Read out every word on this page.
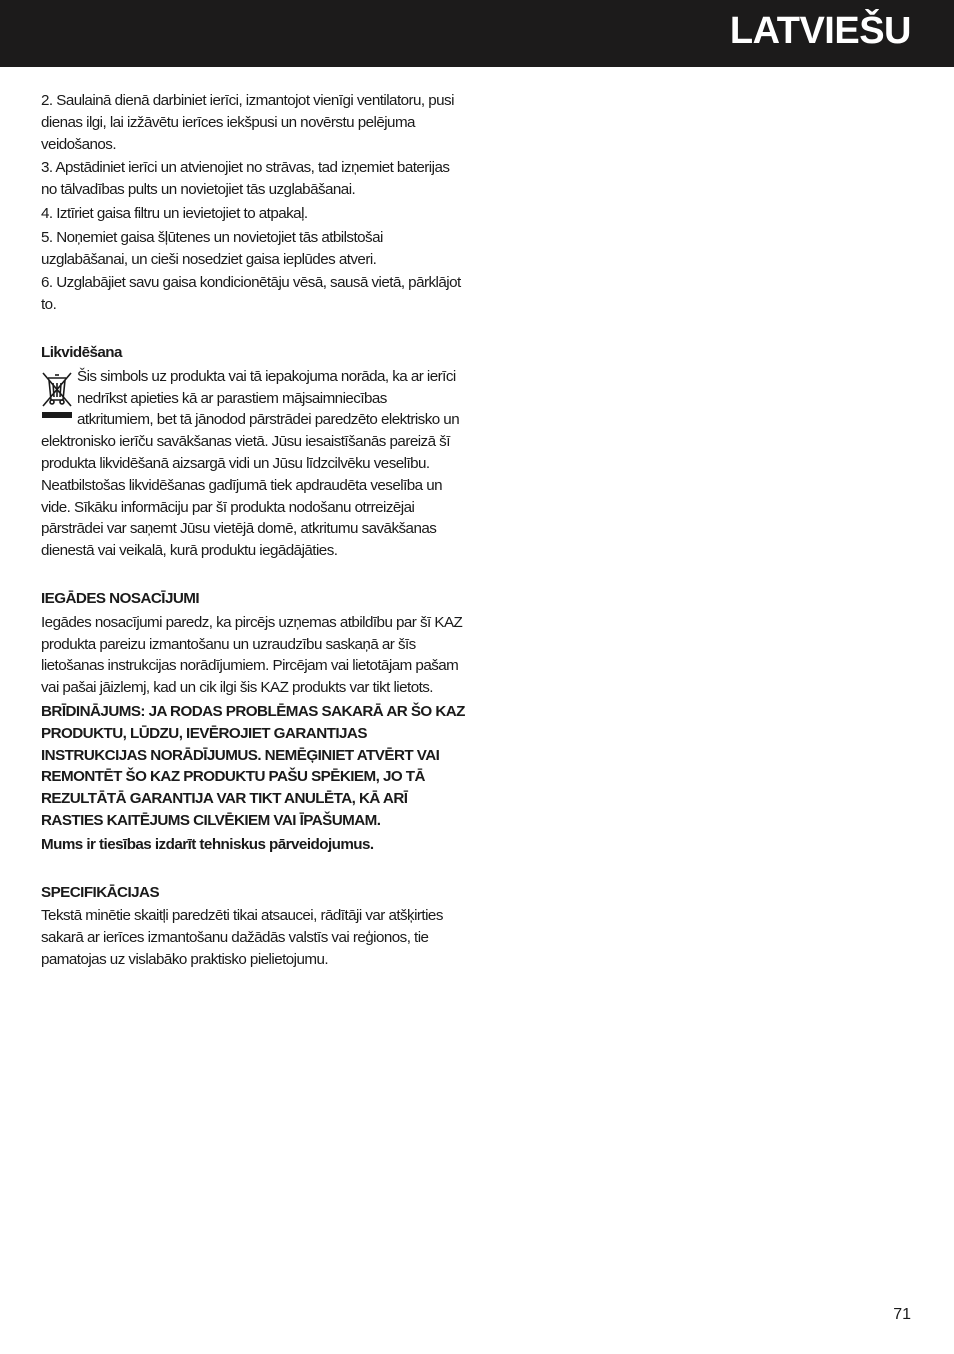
LATVIEŠU

2. Saulainā dienā darbiniet ierīci, izmantojot vienīgi ventilatoru, pusi dienas ilgi, lai izžāvētu ierīces iekšpusi un novērstu pelējuma veidošanos.

3. Apstādiniet ierīci un atvienojiet no strāvas, tad izņemiet baterijas no tālvadības pults un novietojiet tās uzglabāšanai.

4. Iztīriet gaisa filtru un ievietojiet to atpakaļ.

5. Noņemiet gaisa šļūtenes un novietojiet tās atbilstošai uzglabāšanai, un cieši nosedziet gaisa ieplūdes atveri.

6. Uzglabājiet savu gaisa kondicionētāju vēsā, sausā vietā, pārklājot to.

Likvidēšana

Šis simbols uz produkta vai tā iepakojuma norāda, ka ar ierīci nedrīkst apieties kā ar parastiem mājsaimniecības atkritumiem, bet tā jānodod pārstrādei paredzēto elektrisko un elektronisko ierīču savākšanas vietā. Jūsu iesaistīšanās pareizā šī produkta likvidēšanā aizsargā vidi un Jūsu līdzcilvēku veselību. Neatbilstošas likvidēšanas gadījumā tiek apdraudēta veselība un vide. Sīkāku informāciju par šī produkta nodošanu otrreizējai pārstrādei var saņemt Jūsu vietējā domē, atkritumu savākšanas dienestā vai veikalā, kurā produktu iegādājāties.

IEGĀDES NOSACĪJUMI

Iegādes nosacījumi paredz, ka pircējs uzņemas atbildību par šī KAZ produkta pareizu izmantošanu un uzraudzību saskaņā ar šīs lietošanas instrukcijas norādījumiem. Pircējam vai lietotājam pašam vai pašai jāizlemj, kad un cik ilgi šis KAZ produkts var tikt lietots.

BRĪDINĀJUMS: JA RODAS PROBLĒMAS SAKARĀ AR ŠO KAZ PRODUKTU, LŪDZU, IEVĒROJIET GARANTIJAS INSTRUKCIJAS NORĀDĪJUMUS. NEMĒĢINIET ATVĒRT VAI REMONTĒT ŠO KAZ PRODUKTU PAŠU SPĒKIEM, JO TĀ REZULTĀTĀ GARANTIJA VAR TIKT ANULĒTA, KĀ ARĪ RASTIES KAITĒJUMS CILVĒKIEM VAI ĪPAŠUMAM.

Mums ir tiesības izdarīt tehniskus pārveidojumus.

SPECIFIKĀCIJAS

Tekstā minētie skaitļi paredzēti tikai atsaucei, rādītāji var atšķirties sakarā ar ierīces izmantošanu dažādās valstīs vai reģionos, tie pamatojas uz vislabāko praktisko pielietojumu.

71
